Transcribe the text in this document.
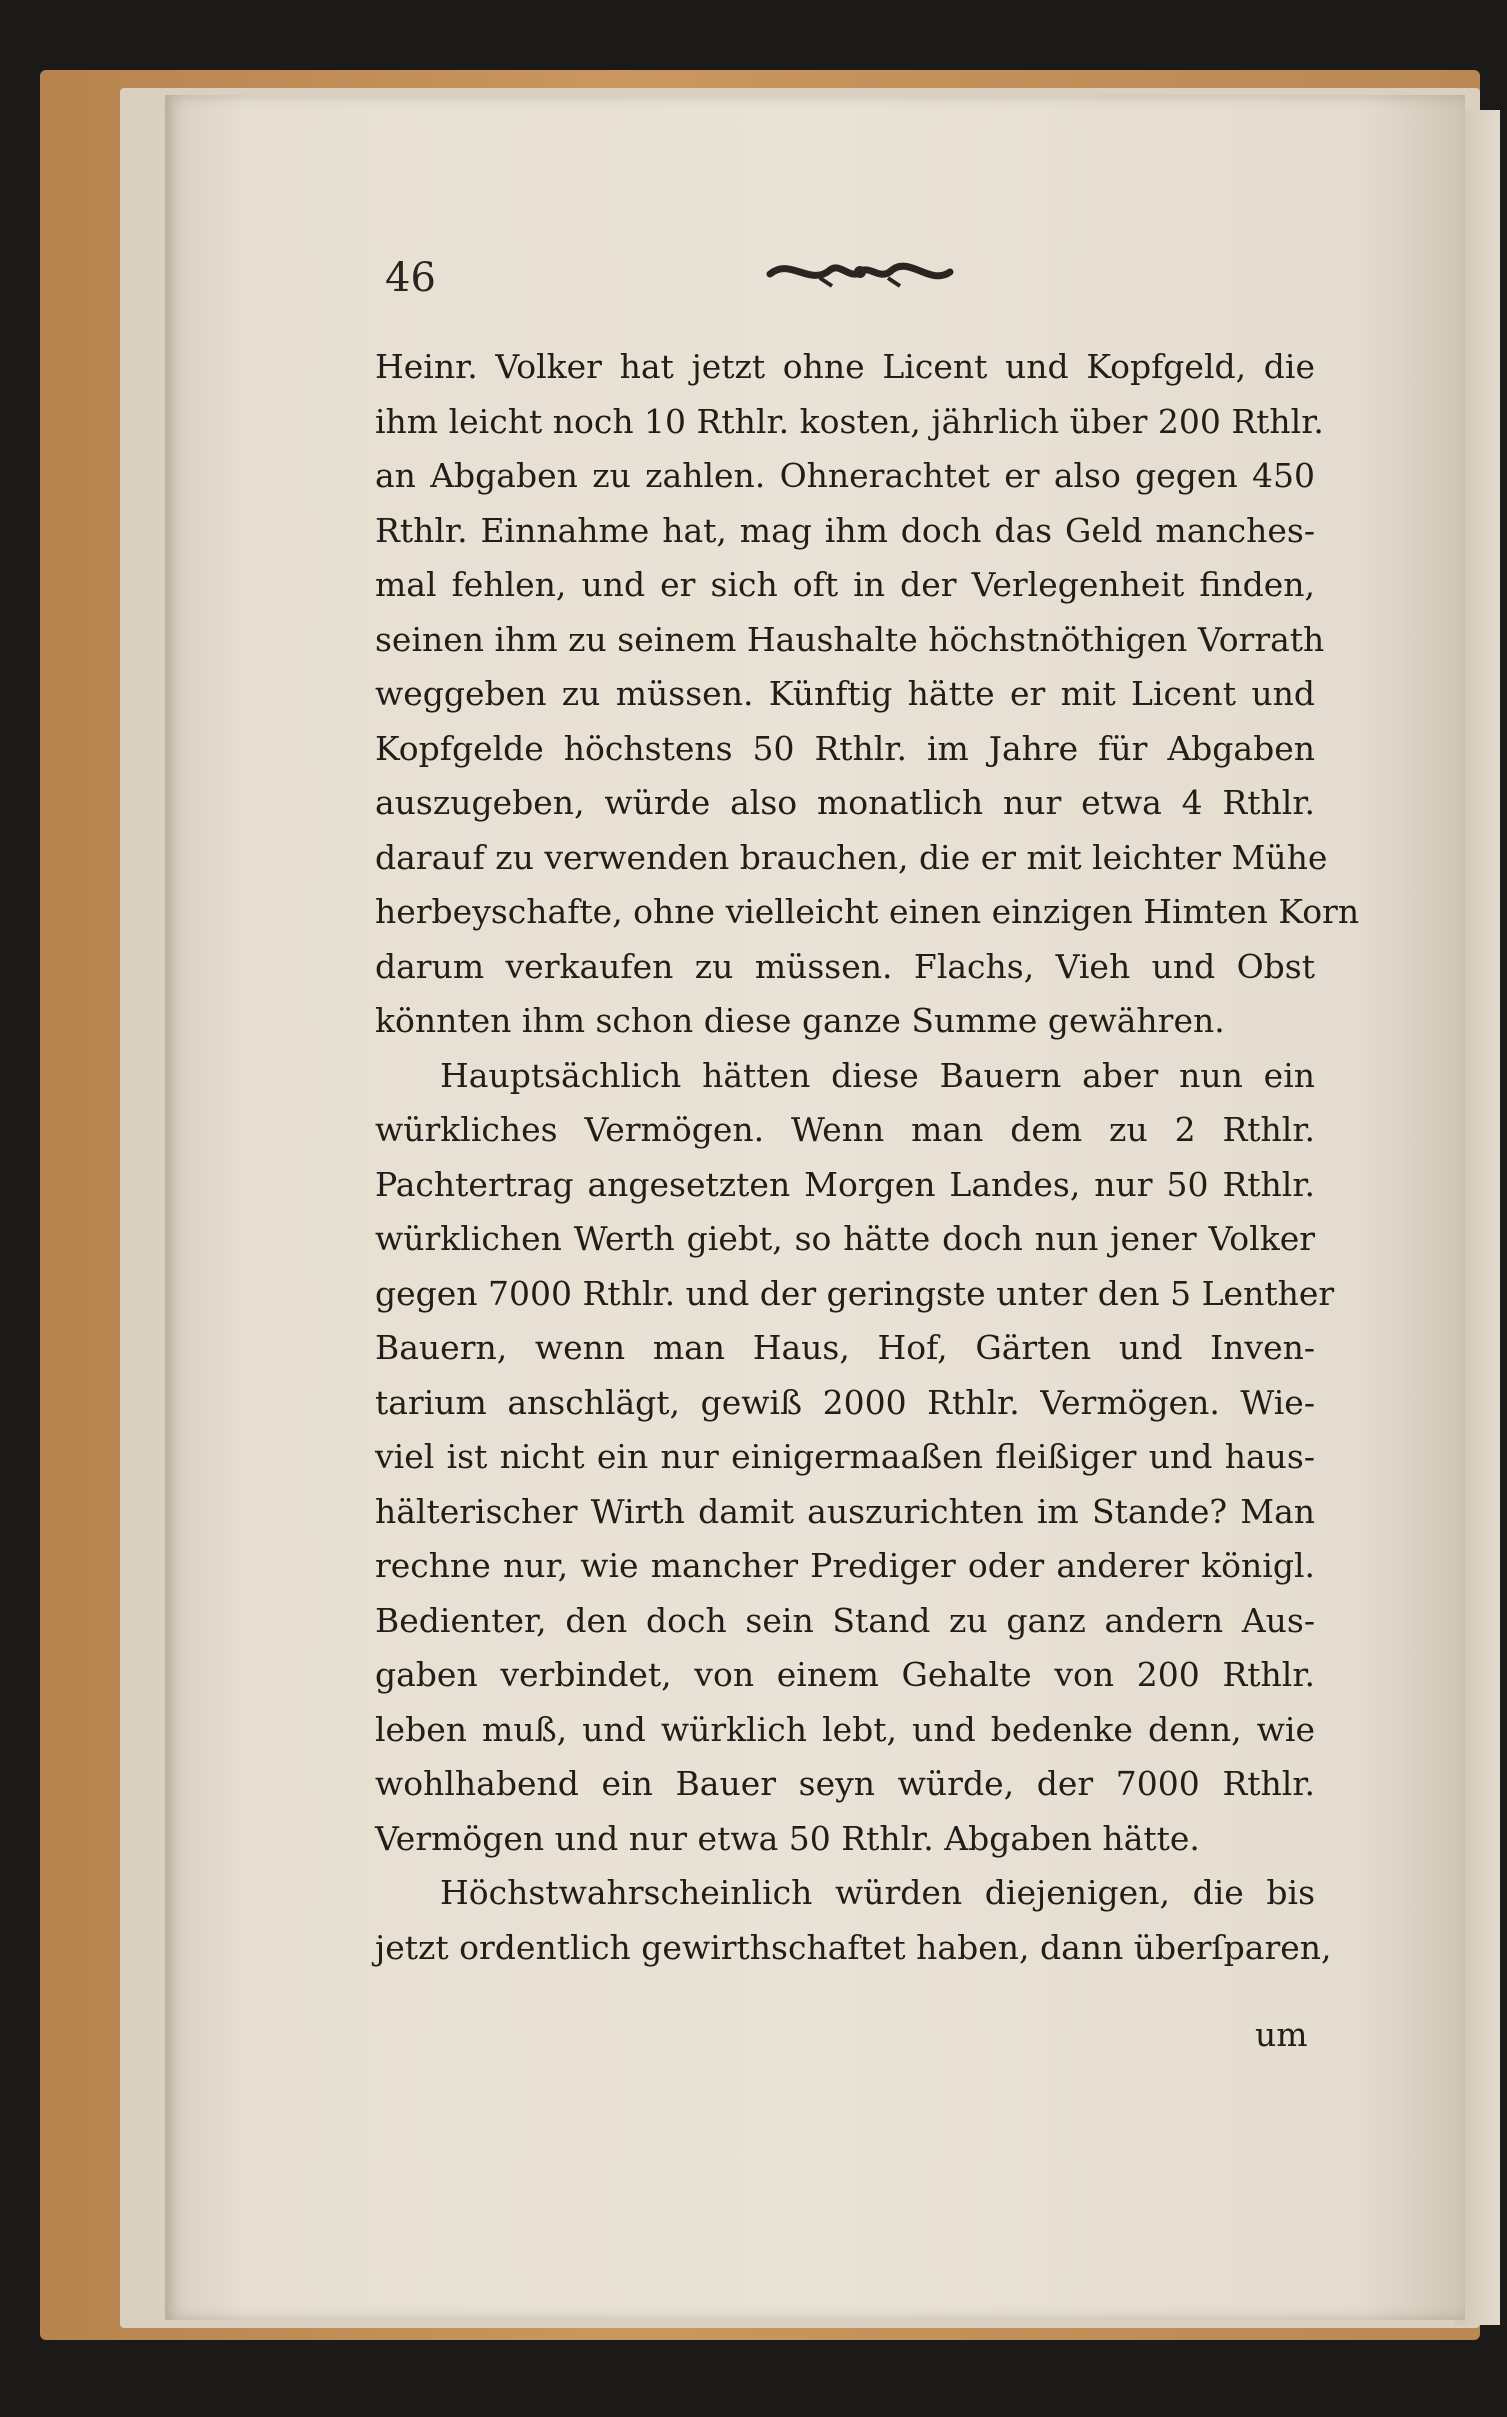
46
Heinr. Volker hat jetzt ohne Licent und Kopfgeld, die
ihm leicht noch 10 Rthlr. kosten, jährlich über 200 Rthlr.
an Abgaben zu zahlen. Ohnerachtet er also gegen 450
Rthlr. Einnahme hat, mag ihm doch das Geld manches-
mal fehlen, und er sich oft in der Verlegenheit finden,
seinen ihm zu seinem Haushalte höchstnöthigen Vorrath
weggeben zu müssen. Künftig hätte er mit Licent und
Kopfgelde höchstens 50 Rthlr. im Jahre für Abgaben
auszugeben, würde also monatlich nur etwa 4 Rthlr.
darauf zu verwenden brauchen, die er mit leichter Mühe
herbeyschafte, ohne vielleicht einen einzigen Himten Korn
darum verkaufen zu müssen. Flachs, Vieh und Obst
könnten ihm schon diese ganze Summe gewähren.
Hauptsächlich hätten diese Bauern aber nun ein
würkliches Vermögen. Wenn man dem zu 2 Rthlr.
Pachtertrag angesetzten Morgen Landes, nur 50 Rthlr.
würklichen Werth giebt, so hätte doch nun jener Volker
gegen 7000 Rthlr. und der geringste unter den 5 Lenther
Bauern, wenn man Haus, Hof, Gärten und Inven-
tarium anschlägt, gewiß 2000 Rthlr. Vermögen. Wie-
viel ist nicht ein nur einigermaaßen fleißiger und haus-
hälterischer Wirth damit auszurichten im Stande? Man
rechne nur, wie mancher Prediger oder anderer königl.
Bedienter, den doch sein Stand zu ganz andern Aus-
gaben verbindet, von einem Gehalte von 200 Rthlr.
leben muß, und würklich lebt, und bedenke denn, wie
wohlhabend ein Bauer seyn würde, der 7000 Rthlr.
Vermögen und nur etwa 50 Rthlr. Abgaben hätte.
Höchstwahrscheinlich würden diejenigen, die bis
jetzt ordentlich gewirthschaftet haben, dann überſparen,
um
